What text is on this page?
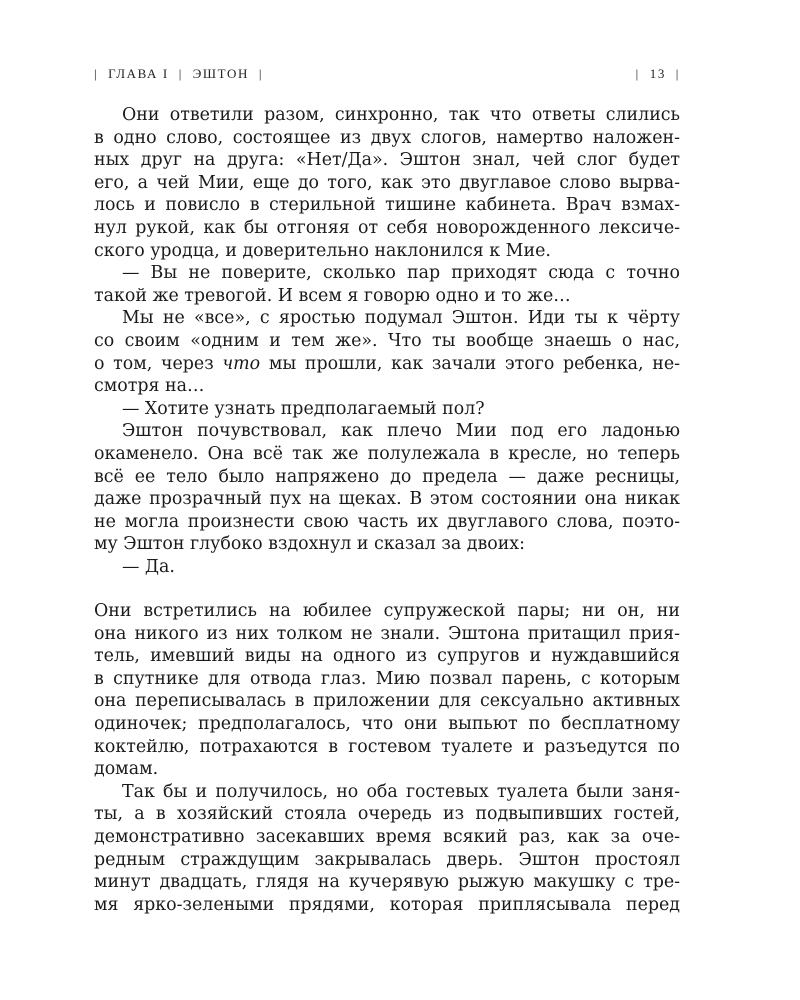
| ГЛАВА I | ЭШТОН |	| 13 |
Они ответили разом, синхронно, так что ответы слились
в одно слово, состоящее из двух слогов, намертво наложен-
ных друг на друга: «Нет/Да». Эштон знал, чей слог будет
его, а чей Мии, еще до того, как это двуглавое слово вырва-
лось и повисло в стерильной тишине кабинета. Врач взмах-
нул рукой, как бы отгоняя от себя новорожденного лексиче-
ского уродца, и доверительно наклонился к Мие.
— Вы не поверите, сколько пар приходят сюда с точно
такой же тревогой. И всем я говорю одно и то же…
Мы не «все», с яростью подумал Эштон. Иди ты к чёрту
со своим «одним и тем же». Что ты вообще знаешь о нас,
о том, через что мы прошли, как зачали этого ребенка, не-
смотря на…
— Хотите узнать предполагаемый пол?
Эштон почувствовал, как плечо Мии под его ладонью
окаменело. Она всё так же полулежала в кресле, но теперь
всё ее тело было напряжено до предела — даже ресницы,
даже прозрачный пух на щеках. В этом состоянии она никак
не могла произнести свою часть их двуглавого слова, поэто-
му Эштон глубоко вздохнул и сказал за двоих:
— Да.
Они встретились на юбилее супружеской пары; ни он, ни
она никого из них толком не знали. Эштона притащил прия-
тель, имевший виды на одного из супругов и нуждавшийся
в спутнике для отвода глаз. Мию позвал парень, с которым
она переписывалась в приложении для сексуально активных
одиночек; предполагалось, что они выпьют по бесплатному
коктейлю, потрахаются в гостевом туалете и разъедутся по
домам.
Так бы и получилось, но оба гостевых туалета были заня-
ты, а в хозяйский стояла очередь из подвыпивших гостей,
демонстративно засекавших время всякий раз, как за оче-
редным страждущим закрывалась дверь. Эштон простоял
минут двадцать, глядя на кучерявую рыжую макушку с тре-
мя ярко-зелеными прядями, которая приплясывала перед
